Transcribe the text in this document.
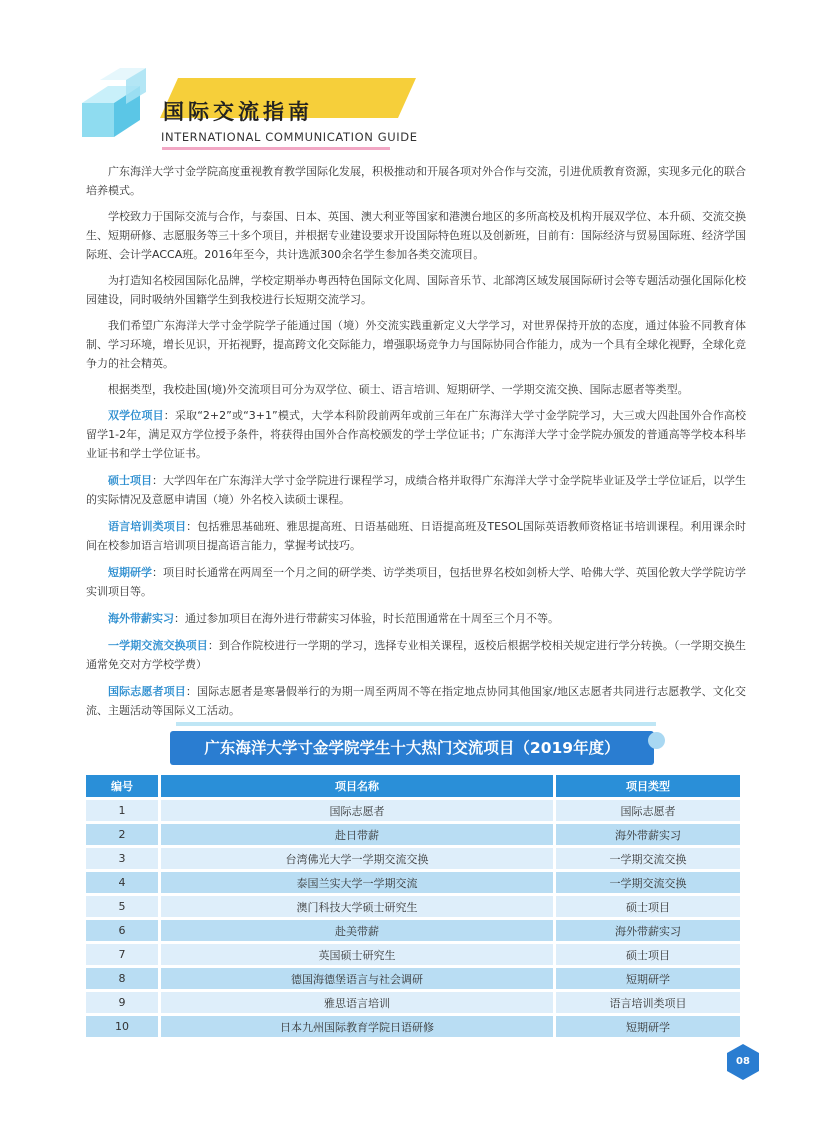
国际交流指南
INTERNATIONAL COMMUNICATION GUIDE

广东海洋大学寸金学院高度重视教育教学国际化发展，积极推动和开展各项对外合作与交流，引进优质教育资源，实现多元化的联合培养模式。

学校致力于国际交流与合作，与泰国、日本、英国、澳大利亚等国家和港澳台地区的多所高校及机构开展双学位、本升硕、交流交换生、短期研修、志愿服务等三十多个项目，并根据专业建设要求开设国际特色班以及创新班，目前有：国际经济与贸易国际班、经济学国际班、会计学ACCA班。2016年至今，共计选派300余名学生参加各类交流项目。

为打造知名校园国际化品牌，学校定期举办粤西特色国际文化周、国际音乐节、北部湾区域发展国际研讨会等专题活动强化国际化校园建设，同时吸纳外国籍学生到我校进行长短期交流学习。

我们希望广东海洋大学寸金学院学子能通过国（境）外交流实践重新定义大学学习，对世界保持开放的态度，通过体验不同教育体制、学习环境，增长见识，开拓视野，提高跨文化交际能力，增强职场竞争力与国际协同合作能力，成为一个具有全球化视野，全球化竞争力的社会精英。

根据类型，我校赴国(境)外交流项目可分为双学位、硕士、语言培训、短期研学、一学期交流交换、国际志愿者等类型。

双学位项目：采取“2+2”或“3+1”模式，大学本科阶段前两年或前三年在广东海洋大学寸金学院学习，大三或大四赴国外合作高校留学1-2年，满足双方学位授予条件，将获得由国外合作高校颁发的学士学位证书；广东海洋大学寸金学院办颁发的普通高等学校本科毕业证书和学士学位证书。

硕士项目：大学四年在广东海洋大学寸金学院进行课程学习，成绩合格并取得广东海洋大学寸金学院毕业证及学士学位证后，以学生的实际情况及意愿申请国（境）外名校入读硕士课程。

语言培训类项目：包括雅思基础班、雅思提高班、日语基础班、日语提高班及TESOL国际英语教师资格证书培训课程。利用课余时间在校参加语言培训项目提高语言能力，掌握考试技巧。

短期研学：项目时长通常在两周至一个月之间的研学类、访学类项目，包括世界名校如剑桥大学、哈佛大学、英国伦敦大学学院访学实训项目等。

海外带薪实习：通过参加项目在海外进行带薪实习体验，时长范围通常在十周至三个月不等。

一学期交流交换项目：到合作院校进行一学期的学习，选择专业相关课程，返校后根据学校相关规定进行学分转换。（一学期交换生通常免交对方学校学费）

国际志愿者项目：国际志愿者是寒暑假举行的为期一周至两周不等在指定地点协同其他国家/地区志愿者共同进行志愿教学、文化交流、主题活动等国际义工活动。

广东海洋大学寸金学院学生十大热门交流项目（2019年度）
编号	项目名称	项目类型
1	国际志愿者	国际志愿者
2	赴日带薪	海外带薪实习
3	台湾佛光大学一学期交流交换	一学期交流交换
4	泰国兰实大学一学期交流	一学期交流交换
5	澳门科技大学硕士研究生	硕士项目
6	赴美带薪	海外带薪实习
7	英国硕士研究生	硕士项目
8	德国海德堡语言与社会调研	短期研学
9	雅思语言培训	语言培训类项目
10	日本九州国际教育学院日语研修	短期研学
08
